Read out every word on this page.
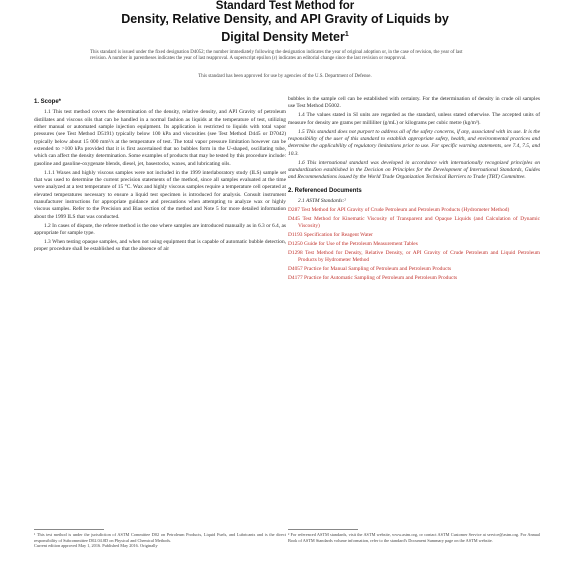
Standard Test Method for
Density, Relative Density, and API Gravity of Liquids by
Digital Density Meter$^1$
This standard is issued under the fixed designation D4052; the number immediately following the designation indicates the year of original adoption or, in the case of revision, the year of last revision. A number in parentheses indicates the year of last reapproval. A superscript epsilon (ε) indicates an editorial change since the last revision or reapproval.
This standard has been approved for use by agencies of the U.S. Department of Defense.
1. Scope*

1.1 This test method covers the determination of the density, relative density, and API Gravity of petroleum distillates and viscous oils that can be handled in a normal fashion as liquids at the temperature of test, utilizing either manual or automated sample injection equipment. Its application is restricted to liquids with total vapor pressures (see Test Method D5191) typically below 100 kPa and viscosities (see Test Method D445 or D7042) typically below about 15 000 mm²/s at the temperature of test. The total vapor pressure limitation however can be extended to >100 kPa provided that it is first ascertained that no bubbles form in the U-shaped, oscillating tube, which can affect the density determination. Some examples of products that may be tested by this procedure include: gasoline and gasoline-oxygenate blends, diesel, jet, basestocks, waxes, and lubricating oils.

1.1.1 Waxes and highly viscous samples were not included in the 1999 interlaboratory study (ILS) sample set that was used to determine the current precision statements of the method, since all samples evaluated at the time were analyzed at a test temperature of 15 °C. Wax and highly viscous samples require a temperature cell operated at elevated temperatures necessary to ensure a liquid test specimen is introduced for analysis. Consult instrument manufacturer instructions for appropriate guidance and precautions when attempting to analyze wax or highly viscous samples. Refer to the Precision and Bias section of the method and Note 5 for more detailed information about the 1999 ILS that was conducted.

1.2 In cases of dispute, the referee method is the one where samples are introduced manually as in 6.3 or 6.4, as appropriate for sample type.

1.3 When testing opaque samples, and when not using equipment that is capable of automatic bubble detection, proper procedure shall be established so that the absence of air

bubbles in the sample cell can be established with certainty. For the determination of density in crude oil samples use Test Method D5002.

1.4 The values stated in SI units are regarded as the standard, unless stated otherwise. The accepted units of measure for density are grams per milliliter (g/mL) or kilograms per cubic metre (kg/m³).

1.5 This standard does not purport to address all of the safety concerns, if any, associated with its use. It is the responsibility of the user of this standard to establish appropriate safety, health, and environmental practices and determine the applicability of regulatory limitations prior to use. For specific warning statements, see 7.4, 7.5, and 10.3.

1.6 This international standard was developed in accordance with internationally recognized principles on standardization established in the Decision on Principles for the Development of International Standards, Guides and Recommendations issued by the World Trade Organization Technical Barriers to Trade (TBT) Committee.

2. Referenced Documents

2.1 ASTM Standards:²

D287 Test Method for API Gravity of Crude Petroleum and Petroleum Products (Hydrometer Method)

D445 Test Method for Kinematic Viscosity of Transparent and Opaque Liquids (and Calculation of Dynamic Viscosity)

D1193 Specification for Reagent Water

D1250 Guide for Use of the Petroleum Measurement Tables

D1298 Test Method for Density, Relative Density, or API Gravity of Crude Petroleum and Liquid Petroleum Products by Hydrometer Method

D4057 Practice for Manual Sampling of Petroleum and Petroleum Products

D4177 Practice for Automatic Sampling of Petroleum and Petroleum Products

¹ This test method is under the jurisdiction of ASTM Committee D02 on Petroleum Products, Liquid Fuels, and Lubricants and is the direct responsibility of Subcommittee D02.04.0D on Physical and Chemical Methods.
Current edition approved May 1, 2016. Published May 2016. Originally
² For referenced ASTM standards, visit the ASTM website, www.astm.org, or contact ASTM Customer Service at service@astm.org. For Annual Book of ASTM Standards volume information, refer to the standard's Document Summary page on the ASTM website.
